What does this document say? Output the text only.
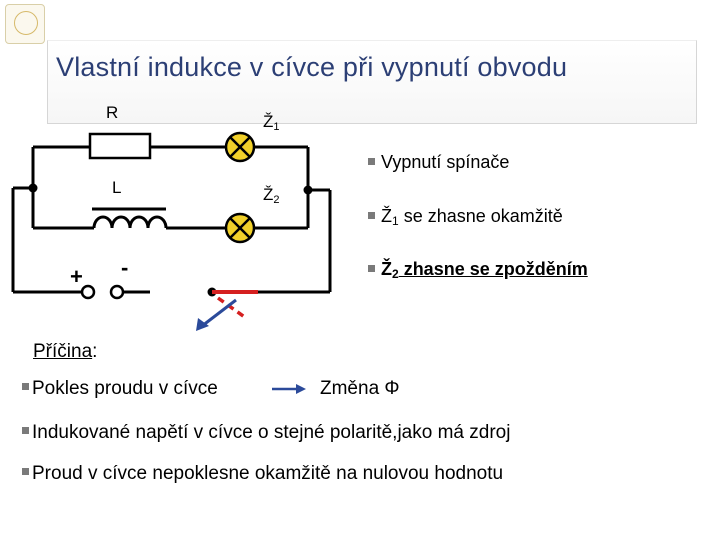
Vlastní indukce v cívce při vypnutí obvodu
R	$Ž_1$
L	$Ž_2$
+ -
Vypnutí spínače
$Ž_1$ se zhasne okamžitě
$Ž_2$ zhasne se zpožděním
Příčina:
Pokles proudu v cívce	Změna Φ
Indukované napětí v cívce o stejné polaritě,jako má zdroj
Proud v cívce nepoklesne okamžitě na nulovou hodnotu
